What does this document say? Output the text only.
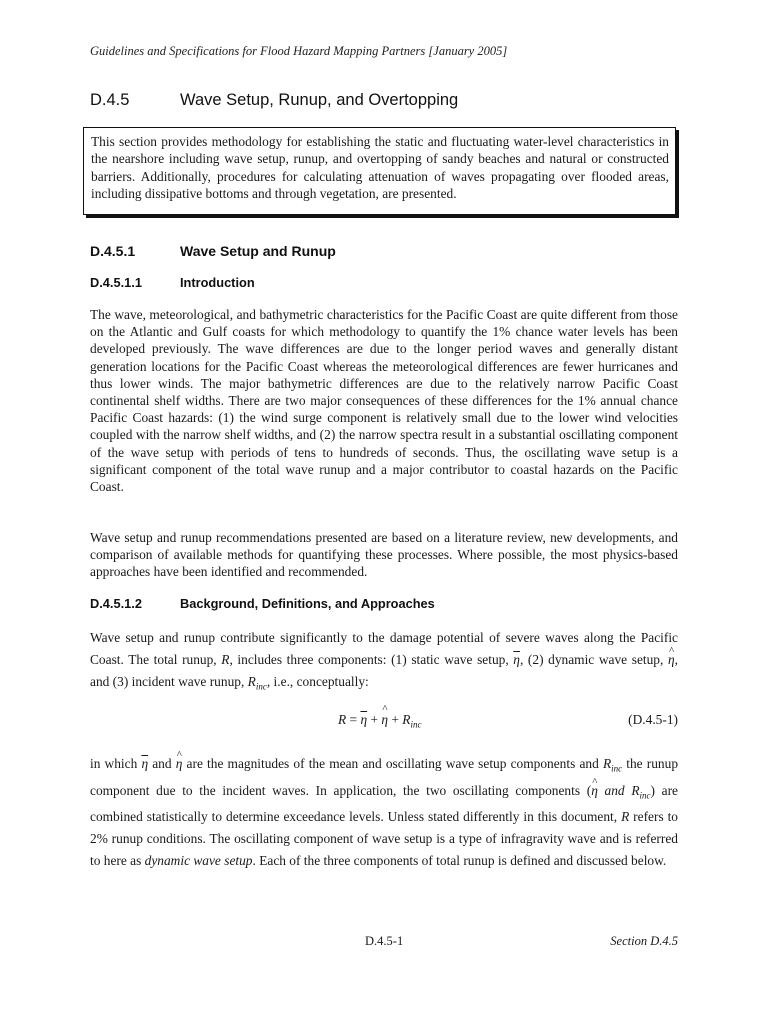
Guidelines and Specifications for Flood Hazard Mapping Partners [January 2005]
D.4.5	Wave Setup, Runup, and Overtopping

This section provides methodology for establishing the static and fluctuating water-level characteristics in the nearshore including wave setup, runup, and overtopping of sandy beaches and natural or constructed barriers. Additionally, procedures for calculating attenuation of waves propagating over flooded areas, including dissipative bottoms and through vegetation, are presented.

D.4.5.1	Wave Setup and Runup
D.4.5.1.1	Introduction

The wave, meteorological, and bathymetric characteristics for the Pacific Coast are quite different from those on the Atlantic and Gulf coasts for which methodology to quantify the 1% chance water levels has been developed previously. The wave differences are due to the longer period waves and generally distant generation locations for the Pacific Coast whereas the meteorological differences are fewer hurricanes and thus lower winds. The major bathymetric differences are due to the relatively narrow Pacific Coast continental shelf widths. There are two major consequences of these differences for the 1% annual chance Pacific Coast hazards: (1) the wind surge component is relatively small due to the lower wind velocities coupled with the narrow shelf widths, and (2) the narrow spectra result in a substantial oscillating component of the wave setup with periods of tens to hundreds of seconds. Thus, the oscillating wave setup is a significant component of the total wave runup and a major contributor to coastal hazards on the Pacific Coast.

Wave setup and runup recommendations presented are based on a literature review, new developments, and comparison of available methods for quantifying these processes. Where possible, the most physics-based approaches have been identified and recommended.

D.4.5.1.2	Background, Definitions, and Approaches

Wave setup and runup contribute significantly to the damage potential of severe waves along the Pacific Coast. The total runup, R, includes three components: (1) static wave setup, $\overline{\eta}$, (2) dynamic wave setup, ^ η, and (3) incident wave runup, $R_{inc}$, i.e., conceptually:

$R = \overline{\eta}$ + ^ $\eta + R_{inc}$	(D.4.5-1)

in which $\overline{\eta}$ and ^ η are the magnitudes of the mean and oscillating wave setup components and $R_{inc}$ the runup component due to the incident waves. In application, the two oscillating components (^ η and $R_{inc}$) are combined statistically to determine exceedance levels. Unless stated differently in this document, R refers to 2% runup conditions. The oscillating component of wave setup is a type of infragravity wave and is referred to here as dynamic wave setup. Each of the three components of total runup is defined and discussed below.

D.4.5-1	Section D.4.5
